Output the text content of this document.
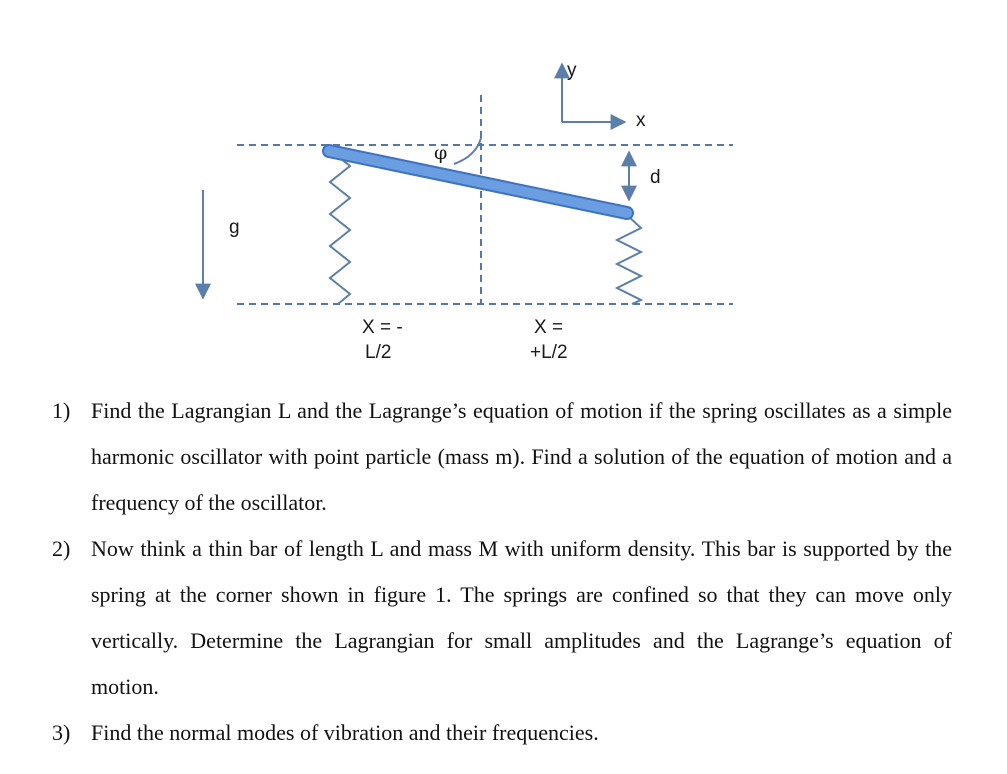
g
y
x
φ
d
X = -
L/2
X =
+L/2
1) Find the Lagrangian L and the Lagrange’s equation of motion if the spring oscillates as a simple harmonic oscillator with point particle (mass m). Find a solution of the equation of motion and a frequency of the oscillator.
2) Now think a thin bar of length L and mass M with uniform density. This bar is supported by the spring at the corner shown in figure 1. The springs are confined so that they can move only vertically. Determine the Lagrangian for small amplitudes and the Lagrange’s equation of motion.
3) Find the normal modes of vibration and their frequencies.
